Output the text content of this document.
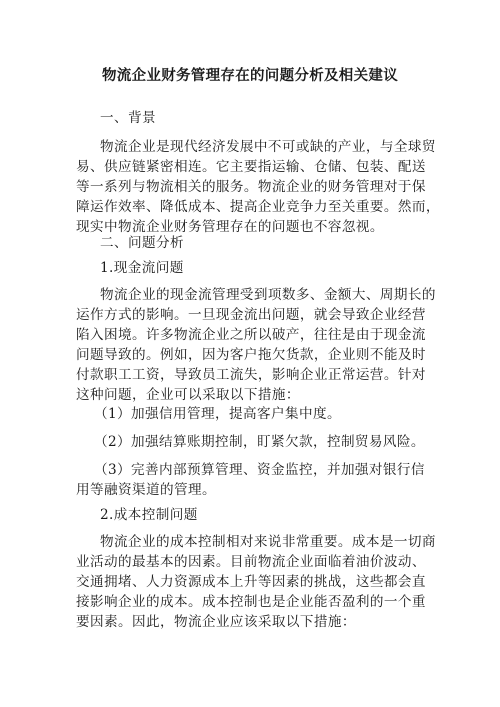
物流企业财务管理存在的问题分析及相关建议
一、背景
物流企业是现代经济发展中不可或缺的产业，与全球贸
易、供应链紧密相连。它主要指运输、仓储、包装、配送
等一系列与物流相关的服务。物流企业的财务管理对于保
障运作效率、降低成本、提高企业竞争力至关重要。然而，
现实中物流企业财务管理存在的问题也不容忽视。
二、问题分析
1.现金流问题
物流企业的现金流管理受到项数多、金额大、周期长的
运作方式的影响。一旦现金流出问题，就会导致企业经营
陷入困境。许多物流企业之所以破产，往往是由于现金流
问题导致的。例如，因为客户拖欠货款，企业则不能及时
付款职工工资，导致员工流失，影响企业正常运营。针对
这种问题，企业可以采取以下措施：
（1）加强信用管理，提高客户集中度。
（2）加强结算账期控制，盯紧欠款，控制贸易风险。
（3）完善内部预算管理、资金监控，并加强对银行信
用等融资渠道的管理。
2.成本控制问题
物流企业的成本控制相对来说非常重要。成本是一切商
业活动的最基本的因素。目前物流企业面临着油价波动、
交通拥堵、人力资源成本上升等因素的挑战，这些都会直
接影响企业的成本。成本控制也是企业能否盈利的一个重
要因素。因此，物流企业应该采取以下措施：
